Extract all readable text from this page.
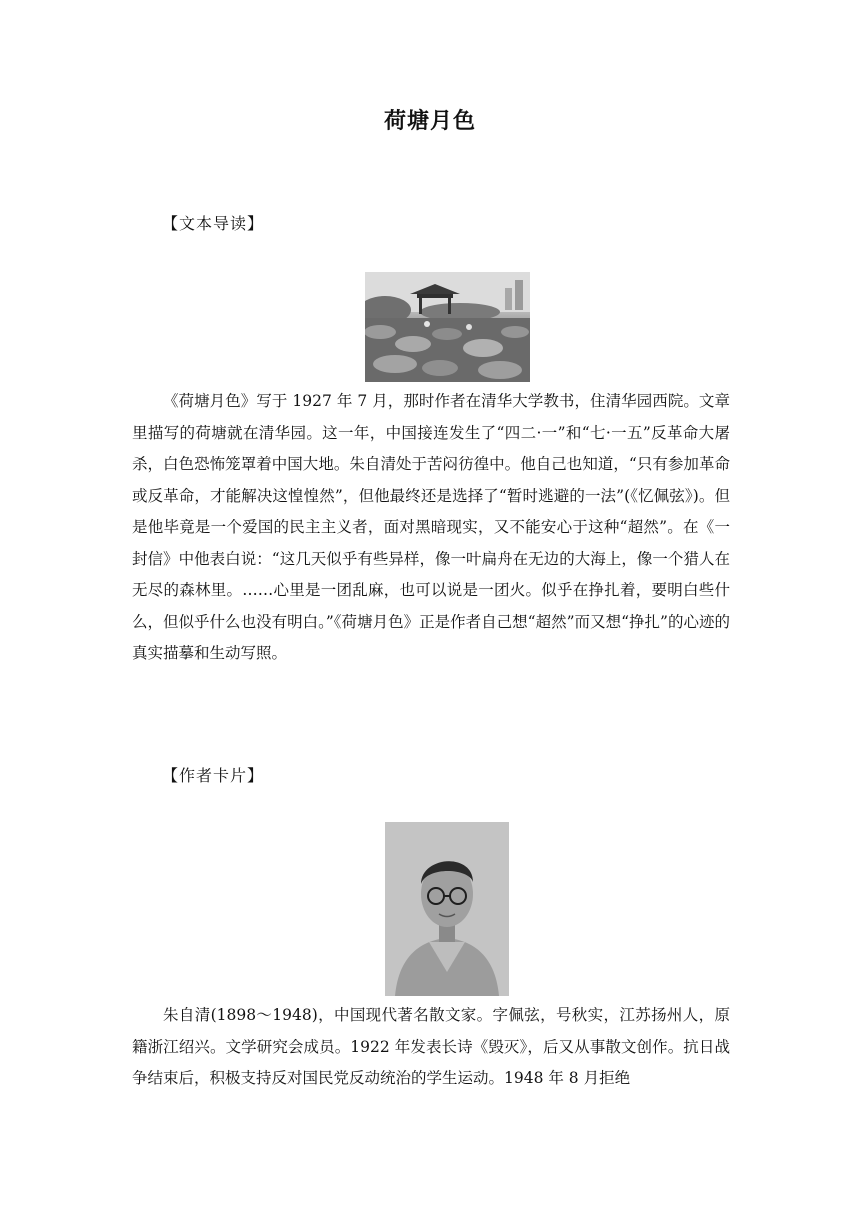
荷塘月色
【文本导读】

《荷塘月色》写于 1927 年 7 月，那时作者在清华大学教书，住清华园西院。文章里描写的荷塘就在清华园。这一年，中国接连发生了“四二·一”和“七·一五”反革命大屠杀，白色恐怖笼罩着中国大地。朱自清处于苦闷彷徨中。他自己也知道，“只有参加革命或反革命，才能解决这惶惶然”，但他最终还是选择了“暂时逃避的一法”(《忆佩弦》)。但是他毕竟是一个爱国的民主主义者，面对黑暗现实，又不能安心于这种“超然”。在《一封信》中他表白说：“这几天似乎有些异样，像一叶扁舟在无边的大海上，像一个猎人在无尽的森林里。……心里是一团乱麻，也可以说是一团火。似乎在挣扎着，要明白些什么，但似乎什么也没有明白。”《荷塘月色》正是作者自己想“超然”而又想“挣扎”的心迹的真实描摹和生动写照。

【作者卡片】

朱自清(1898～1948)，中国现代著名散文家。字佩弦，号秋实，江苏扬州人，原籍浙江绍兴。文学研究会成员。1922 年发表长诗《毁灭》，后又从事散文创作。抗日战争结束后，积极支持反对国民党反动统治的学生运动。1948 年 8 月拒绝
